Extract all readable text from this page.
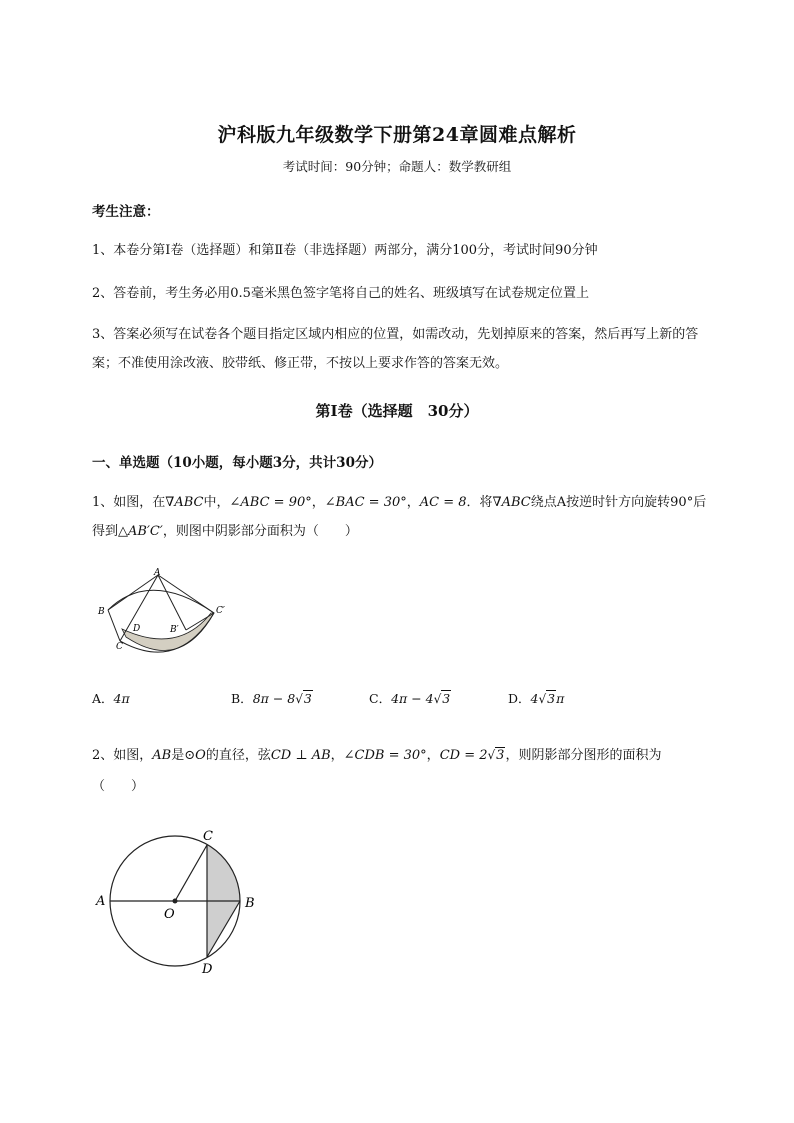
沪科版九年级数学下册第24章圆难点解析
考试时间：90分钟；命题人：数学教研组
考生注意：
1、本卷分第I卷（选择题）和第Ⅱ卷（非选择题）两部分，满分100分，考试时间90分钟
2、答卷前，考生务必用0.5毫米黑色签字笔将自己的姓名、班级填写在试卷规定位置上
3、答案必须写在试卷各个题目指定区域内相应的位置，如需改动，先划掉原来的答案，然后再写上新的答案；不准使用涂改液、胶带纸、修正带，不按以上要求作答的答案无效。
第I卷（选择题　30分）
一、单选题（10小题，每小题3分，共计30分）
1、如图，在∇ABC中，∠ABC = 90°，∠BAC = 30°，AC = 8．将∇ABC绕点A按逆时针方向旋转90°后
得到△AB′C′，则图中阴影部分面积为（　　）
A
B
C
D	B′
C′
A．4π	B．8π − 8√3	C．4π − 4√3	D．4√3π
2、如图，AB是⊙O的直径，弦CD ⊥ AB，∠CDB = 30°，CD = 2√3，则阴影部分图形的面积为
（　　）
A	B
C
D
O
